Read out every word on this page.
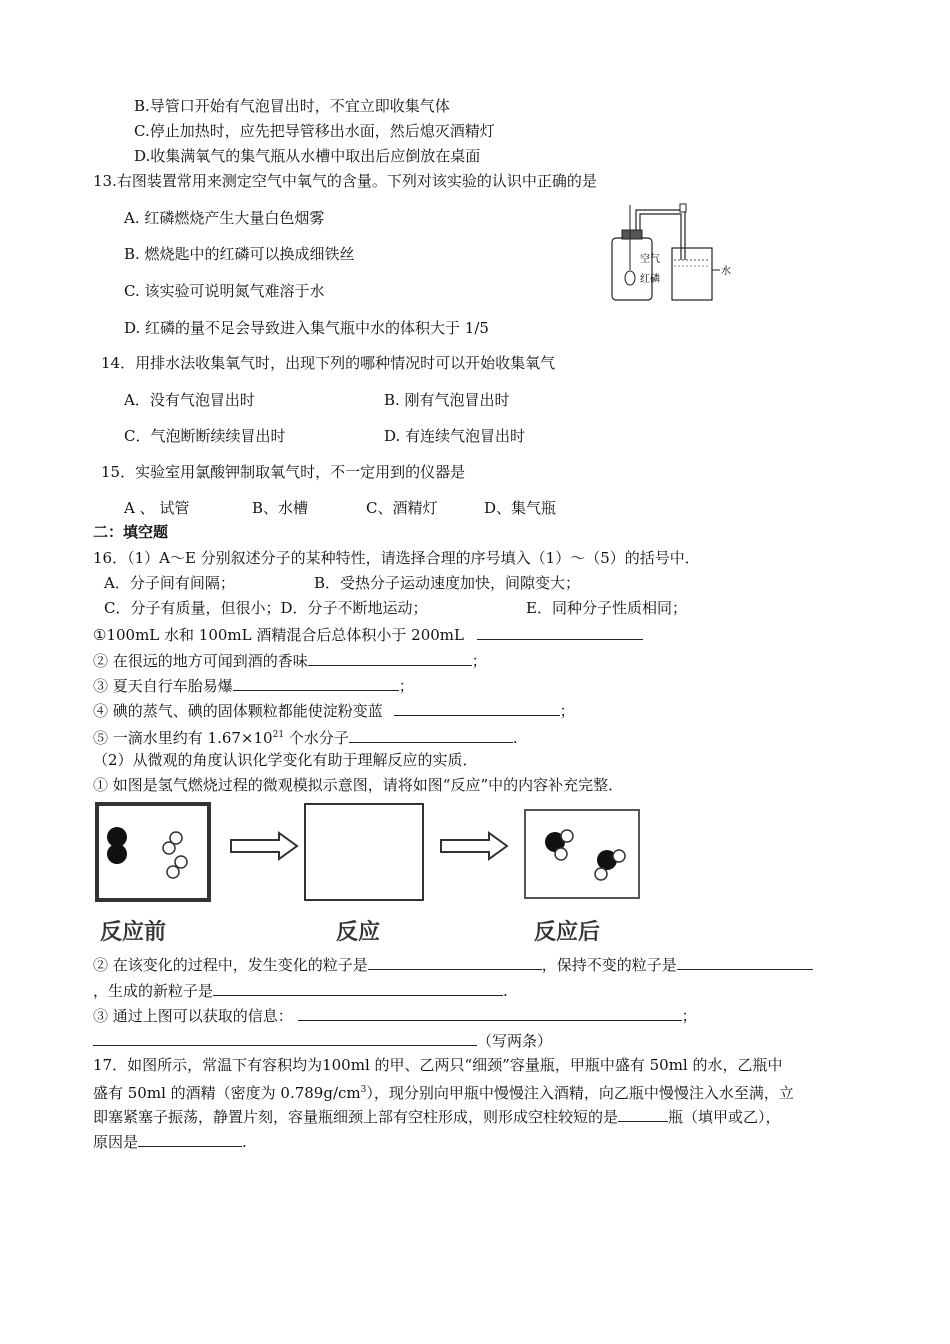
B.导管口开始有气泡冒出时，不宜立即收集气体
C.停止加热时，应先把导管移出水面，然后熄灭酒精灯
D.收集满氧气的集气瓶从水槽中取出后应倒放在桌面
13.右图装置常用来测定空气中氧气的含量。下列对该实验的认识中正确的是
A. 红磷燃烧产生大量白色烟雾
B. 燃烧匙中的红磷可以换成细铁丝
C. 该实验可说明氮气难溶于水
D. 红磷的量不足会导致进入集气瓶中水的体积大于 1/5
空气
红磷
水
14．用排水法收集氧气时，出现下列的哪种情况时可以开始收集氧气
A．没有气泡冒出时	B. 刚有气泡冒出时
C．气泡断断续续冒出时	D. 有连续气泡冒出时
15．实验室用氯酸钾制取氧气时，不一定用到的仪器是
A 、 试管	B、水槽	C、酒精灯	D、集气瓶
二：填空题
16．（1）A～E 分别叙述分子的某种特性，请选择合理的序号填入（1）～（5）的括号中．
A．分子间有间隔；	B．受热分子运动速度加快，间隙变大；
C．分子有质量，但很小；D．分子不断地运动；	E．同种分子性质相同；
①100mL 水和 100mL 酒精混合后总体积小于 200mL
② 在很远的地方可闻到酒的香味	；
③ 夏天自行车胎易爆	；
④ 碘的蒸气、碘的固体颗粒都能使淀粉变蓝	；
⑤ 一滴水里约有 $1.67\times 10^{21}$ 个水分子	.
（2）从微观的角度认识化学变化有助于理解反应的实质．
① 如图是氢气燃烧过程的微观模拟示意图，请将如图“反应”中的内容补充完整．
反应前	反应	反应后
② 在该变化的过程中，发生变化的粒子是	，保持不变的粒子是
，生成的新粒子是	.
③ 通过上图可以获取的信息：	；
（写两条）
17．如图所示，常温下有容积均为100ml 的甲、乙两只“细颈”容量瓶，甲瓶中盛有 50ml 的水，乙瓶中
盛有 50ml 的酒精（密度为 $0.789g/cm^3$），现分别向甲瓶中慢慢注入酒精，向乙瓶中慢慢注入水至满，立
即塞紧塞子振荡，静置片刻，容量瓶细颈上部有空柱形成，则形成空柱较短的是	瓶（填甲或乙），
原因是	.
